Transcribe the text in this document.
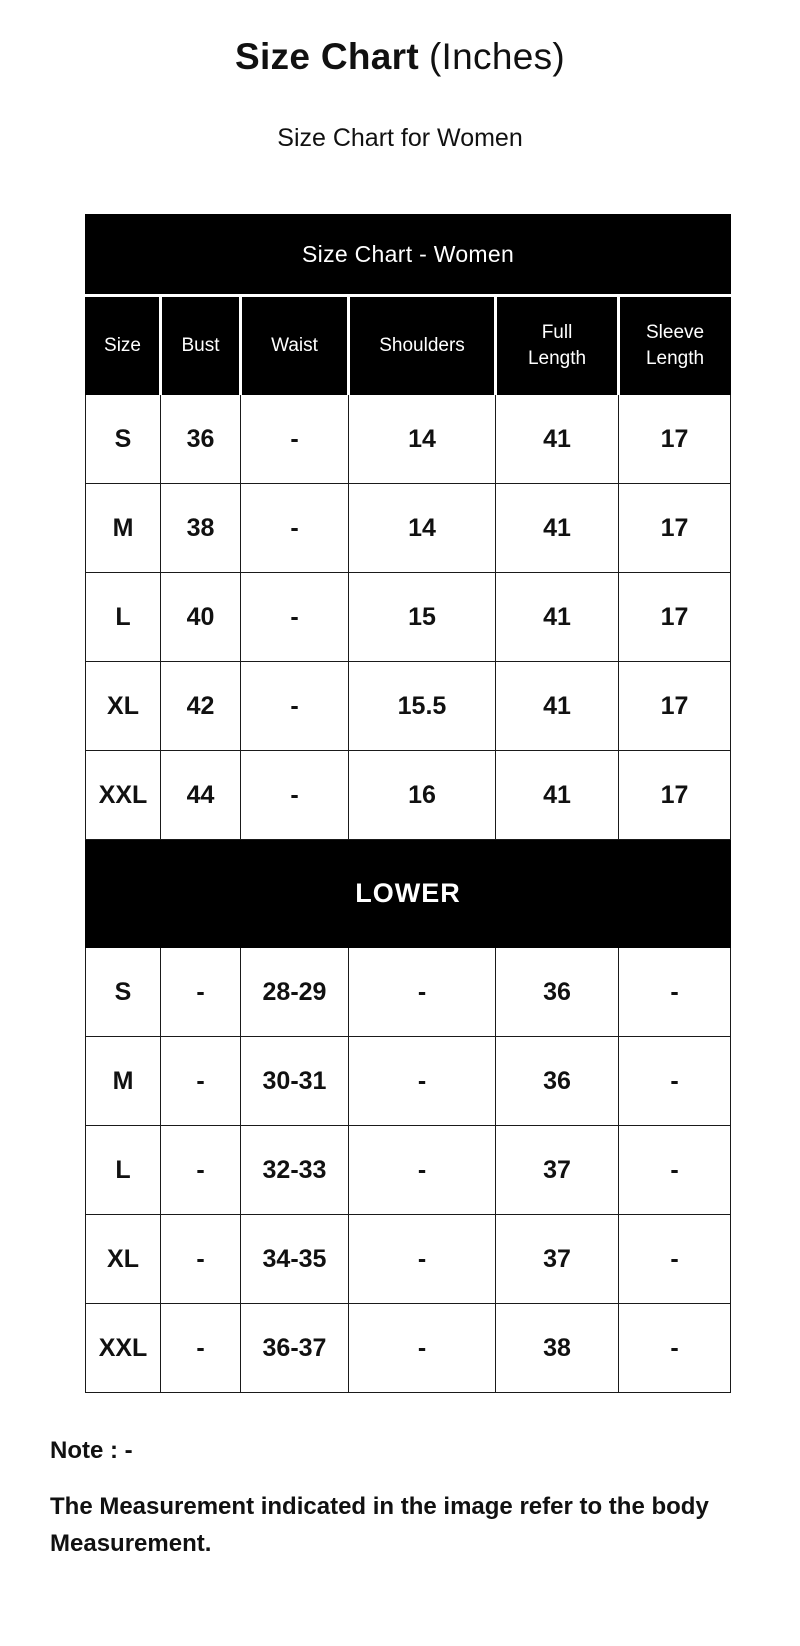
Size Chart (Inches)
Size Chart for Women
Size Chart - Women					
Size	Bust	Waist	Shoulders	Full Length	Sleeve Length
S	36	-	14	41	17
M	38	-	14	41	17
L	40	-	15	41	17
XL	42	-	15.5	41	17
XXL	44	-	16	41	17
LOWER					
S	-	28-29	-	36	-
M	-	30-31	-	36	-
L	-	32-33	-	37	-
XL	-	34-35	-	37	-
XXL	-	36-37	-	38	-

Note : -

The Measurement indicated in the image refer to the body Measurement.
